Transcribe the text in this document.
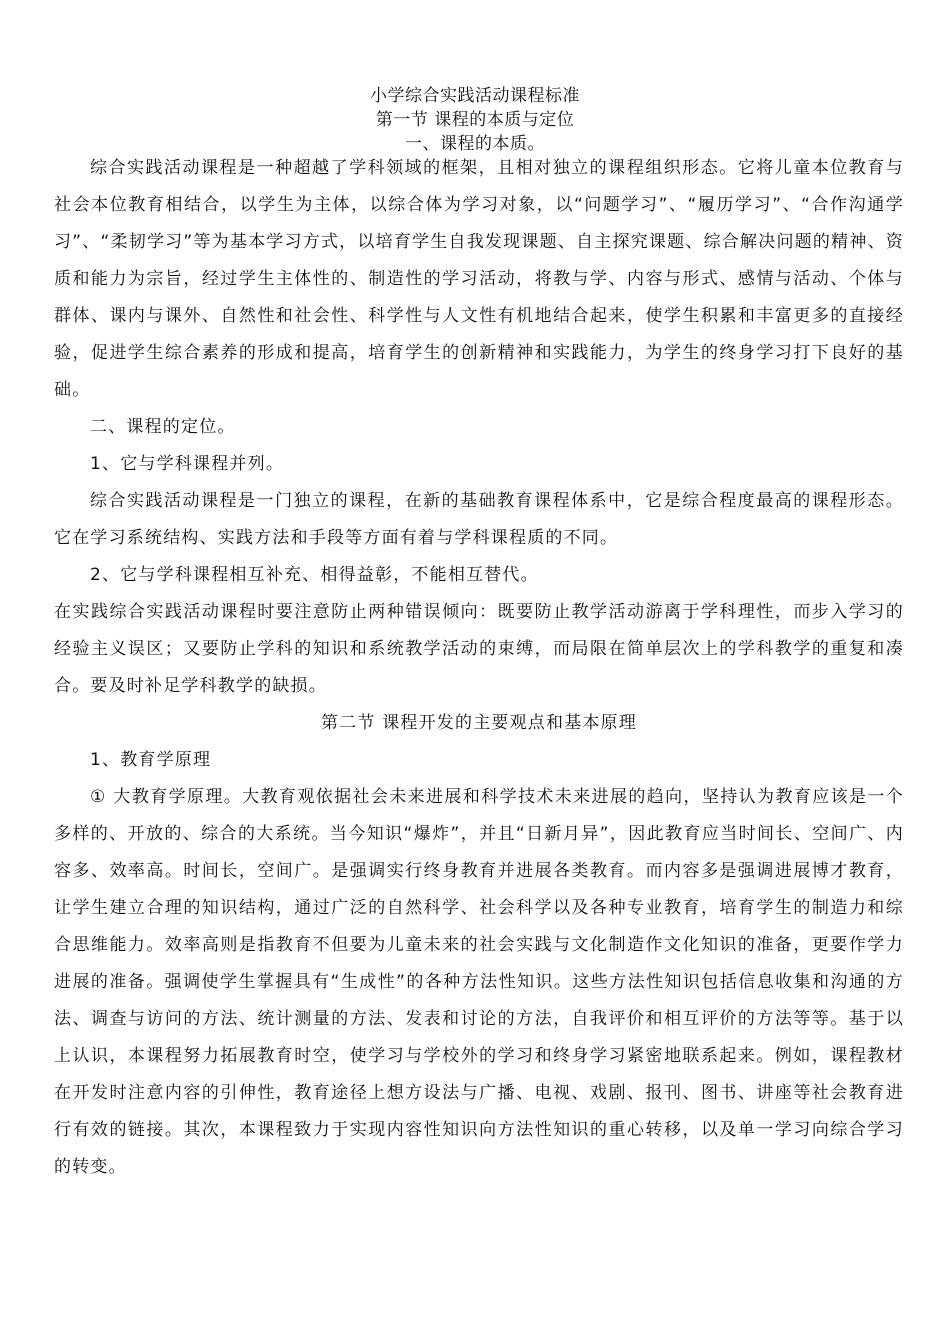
小学综合实践活动课程标准
第一节 课程的本质与定位
一、课程的本质。

综合实践活动课程是一种超越了学科领域的框架，且相对独立的课程组织形态。它将儿童本位教育与社会本位教育相结合，以学生为主体，以综合体为学习对象，以“问题学习”、“履历学习”、“合作沟通学习”、“柔韧学习”等为基本学习方式，以培育学生自我发现课题、自主探究课题、综合解决问题的精神、资质和能力为宗旨，经过学生主体性的、制造性的学习活动，将教与学、内容与形式、感情与活动、个体与群体、课内与课外、自然性和社会性、科学性与人文性有机地结合起来，使学生积累和丰富更多的直接经验，促进学生综合素养的形成和提高，培育学生的创新精神和实践能力，为学生的终身学习打下良好的基础。

二、课程的定位。

1、它与学科课程并列。

综合实践活动课程是一门独立的课程，在新的基础教育课程体系中，它是综合程度最高的课程形态。它在学习系统结构、实践方法和手段等方面有着与学科课程质的不同。

2、它与学科课程相互补充、相得益彰，不能相互替代。

在实践综合实践活动课程时要注意防止两种错误倾向：既要防止教学活动游离于学科理性，而步入学习的经验主义误区；又要防止学科的知识和系统教学活动的束缚，而局限在简单层次上的学科教学的重复和凑合。要及时补足学科教学的缺损。

第二节 课程开发的主要观点和基本原理

1、教育学原理

① 大教育学原理。大教育观依据社会未来进展和科学技术未来进展的趋向，坚持认为教育应该是一个多样的、开放的、综合的大系统。当今知识“爆炸”，并且“日新月异”，因此教育应当时间长、空间广、内容多、效率高。时间长，空间广。是强调实行终身教育并进展各类教育。而内容多是强调进展博才教育，让学生建立合理的知识结构，通过广泛的自然科学、社会科学以及各种专业教育，培育学生的制造力和综合思维能力。效率高则是指教育不但要为儿童未来的社会实践与文化制造作文化知识的准备，更要作学力进展的准备。强调使学生掌握具有“生成性”的各种方法性知识。这些方法性知识包括信息收集和沟通的方法、调查与访问的方法、统计测量的方法、发表和讨论的方法，自我评价和相互评价的方法等等。基于以上认识，本课程努力拓展教育时空，使学习与学校外的学习和终身学习紧密地联系起来。例如，课程教材在开发时注意内容的引伸性，教育途径上想方设法与广播、电视、戏剧、报刊、图书、讲座等社会教育进行有效的链接。其次，本课程致力于实现内容性知识向方法性知识的重心转移，以及单一学习向综合学习的转变。
